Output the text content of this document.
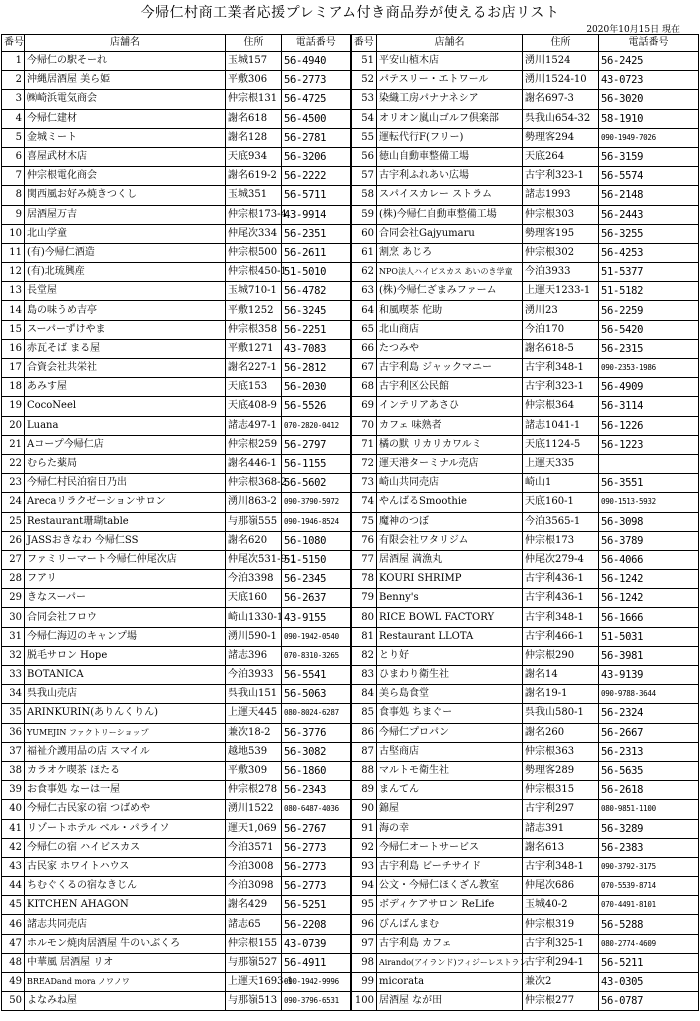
今帰仁村商工業者応援プレミアム付き商品券が使えるお店リスト
2020年10月15日 現在
番号	店舗名	住所	電話番号	番号	店舗名	住所	電話番号
1	今帰仁の駅そーれ	玉城157	56-4940	51	平安山植木店	湧川1524	56-2425
2	沖縄居酒屋 美ら姫	平敷306	56-2773	52	パテスリー・エトワール	湧川1524-10	43-0723
3	㈱崎浜電気商会	仲宗根131	56-4725	53	染織工房パナナネシア	謝名697-3	56-3020
4	今帰仁建材	謝名618	56-4500	54	オリオン嵐山ゴルフ倶楽部	呉我山654-32	58-1910
5	金城ミート	謝名128	56-2781	55	運転代行F(フリー)	勢理客294	090-1949-7026
6	喜屋武材木店	天底934	56-3206	56	徳山自動車整備工場	天底264	56-3159
7	仲宗根電化商会	謝名619-2	56-2222	57	古宇利ふれあい広場	古宇利323-1	56-5574
8	関西風お好み焼きつくし	玉城351	56-5711	58	スパイスカレー ストラム	諸志1993	56-2148
9	居酒屋万吉	仲宗根173-4	43-9914	59	(株)今帰仁自動車整備工場	仲宗根303	56-2443
10	北山学童	仲尾次334	56-2351	60	合同会社Gajyumaru	勢理客195	56-3255
11	(有)今帰仁酒造	仲宗根500	56-2611	61	割烹 あじろ	仲宗根302	56-4253
12	(有)北琉興産	仲宗根450-1	51-5010	62	NPO法人ハイビスカス あいのき学童	今泊3933	51-5377
13	長堂屋	玉城710-1	56-4782	63	(株)今帰仁ざまみファーム	上運天1233-1	51-5182
14	島の味うめ吉亭	平敷1252	56-3245	64	和風喫茶 佗助	湧川23	56-2259
15	スーパーずけやま	仲宗根358	56-2251	65	北山商店	今泊170	56-5420
16	赤瓦そば まる屋	平敷1271	43-7083	66	たつみや	謝名618-5	56-2315
17	合資会社共栄社	謝名227-1	56-2812	67	古宇利島 ジャックマニー	古宇利348-1	090-2353-1986
18	あみす屋	天底153	56-2030	68	古宇利区公民館	古宇利323-1	56-4909
19	CocoNeel	天底408-9	56-5526	69	インテリアあさひ	仲宗根364	56-3114
20	Luana	諸志497-1	070-2820-0412	70	カフェ 味熟者	諸志1041-1	56-1226
21	Aコープ今帰仁店	仲宗根259	56-2797	71	橘の默 リカリカワルミ	天底1124-5	56-1223
22	むらた薬局	謝名446-1	56-1155	72	運天港ターミナル売店	上運天335	
23	今帰仁村民泊宿日乃出	仲宗根368-2	56-5602	73	崎山共同売店	崎山1	56-3551
24	Arecaリラクゼーションサロン	湧川863-2	090-3790-5972	74	やんばるSmoothie	天底160-1	090-1513-5932
25	Restaurant珊瑚table	与那嶺555	090-1946-8524	75	魔神のつぼ	今泊3565-1	56-3098
26	JASSおきなわ 今帰仁SS	謝名620	56-1080	76	有限会社ワタリジム	仲宗根173	56-3789
27	ファミリーマート今帰仁仲尾次店	仲尾次531-9-1	51-5150	77	居酒屋 満漁丸	仲尾次279-4	56-4066
28	フアリ	今泊3398	56-2345	78	KOURI SHRIMP	古宇利436-1	56-1242
29	きなスーパー	天底160	56-2637	79	Benny's	古宇利436-1	56-1242
30	合同会社フロウ	崎山1330-1	43-9155	80	RICE BOWL FACTORY	古宇利348-1	56-1666
31	今帰仁海辺のキャンプ場	湧川590-1	090-1942-0540	81	Restaurant LLOTA	古宇利466-1	51-5031
32	脱毛サロン Hope	諸志396	070-8310-3265	82	とり好	仲宗根290	56-3981
33	BOTANICA	今泊3933	56-5541	83	ひまわり衛生社	謝名14	43-9139
34	呉我山売店	呉我山151	56-5063	84	美ら島食堂	謝名19-1	090-9788-3644
35	ARINKURIN(ありんくりん)	上運天445	080-8024-6287	85	食事処 ちまぐー	呉我山580-1	56-2324
36	YUMEJIN ファクトリーショップ	兼次18-2	56-3776	86	今帰仁プロパン	謝名260	56-2667
37	福祉介護用品の店 スマイル	越地539	56-3082	87	古堅商店	仲宗根363	56-2313
38	カラオケ喫茶 ほたる	平敷309	56-1860	88	マルトモ衛生社	勢理客289	56-5635
39	お食事処 なーは一屋	仲宗根278	56-2343	89	まんてん	仲宗根315	56-2618
40	今帰仁古民家の宿 つばめや	湧川1522	080-6487-4036	90	錦屋	古宇利297	080-9851-1100
41	リゾートホテル ベル・パライソ	運天1,069	56-2767	91	海の幸	諸志391	56-3289
42	今帰仁の宿 ハイビスカス	今泊3571	56-2773	92	今帰仁オートサービス	謝名613	56-2383
43	古民家 ホワイトハウス	今泊3008	56-2773	93	古宇利島 ビーチサイド	古宇利348-1	090-3792-3175
44	ちむぐくるの宿なきじん	今泊3098	56-2773	94	公文・今帰仁ほくざん教室	仲尾次686	070-5539-8714
45	KITCHEN AHAGON	謝名429	56-5251	95	ボディケアサロン ReLife	玉城40-2	070-4491-8101
46	諸志共同売店	諸志65	56-2208	96	びんばんまむ	仲宗根319	56-5288
47	ホルモン焼肉居酒屋 牛のいぶくろ	仲宗根155	43-0739	97	古宇利島 カフェ	古宇利325-1	080-2774-4609
48	中華風 居酒屋 リオ	与那嶺527	56-4911	98	Airando(アイランド)フィジーレストラン	古宇利294-1	56-5211
49	BREADand mora ノワノワ	上運天1693-1	090-1942-9996	99	micorata	兼次2	43-0305
50	よなみね屋	与那嶺513	090-3796-6531	100	居酒屋 なが田	仲宗根277	56-0787
